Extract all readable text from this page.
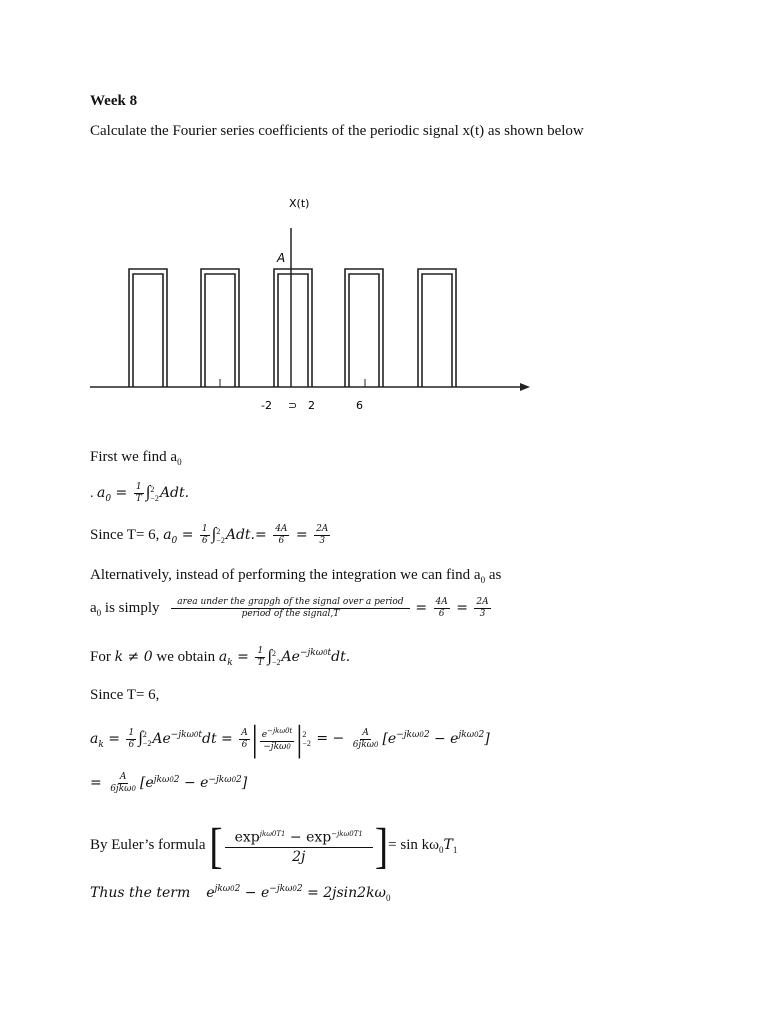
Week 8
Calculate the Fourier series coefficients of the periodic signal x(t) as shown below
X(t)
A
-2 ⊃ 2	6
First we find $a_0$
. $a_0 = \frac{1}{T}$ ∫ 2
−2 Adt.
Since T= 6, $a_0 = \frac{1}{6}$ ∫ 2
−2 $Adt.= \frac{4A}{6} = \frac{2A}{3}$
Alternatively, instead of performing the integration we can find $a_0$ as
$a_0$ is simply $\frac{\text{area under the grapgh of the signal over a period}}{\text{period of the signal,T}} = \frac{4A}{6} = \frac{2A}{3}$
For k ≠ 0 we obtain $a_k = \frac{1}{T}$ ∫ 2
−2 $Ae^{-jk\omega 0t}dt$.
Since T= 6,
$a_k = \frac{1}{6}$ ∫ 2
−2 $Ae^{-jk\omega 0t}dt = \frac{A}{6}$ | $\frac{e^{-jk\omega 0t}}{\text{−jkω0}}$ | 2
−2 = − $\frac{A}{\text{6jkω0}} [e^{-jk\omega 02} - e^{jk\omega 02}]$
= $\frac{A}{\text{6jkω0}} [e^{jk\omega 02} - e^{-jk\omega 02}]$
By Euler’s formula [ $\frac{\exp^{jk\omega 0T1} - \exp^{-jk\omega 0T1}}{2j}$ ]= $\sin k\omega_0T_1$
Thus the term $e^{jk\omega 02} - e^{-jk\omega 02} = 2jsin2k\omega_0$
